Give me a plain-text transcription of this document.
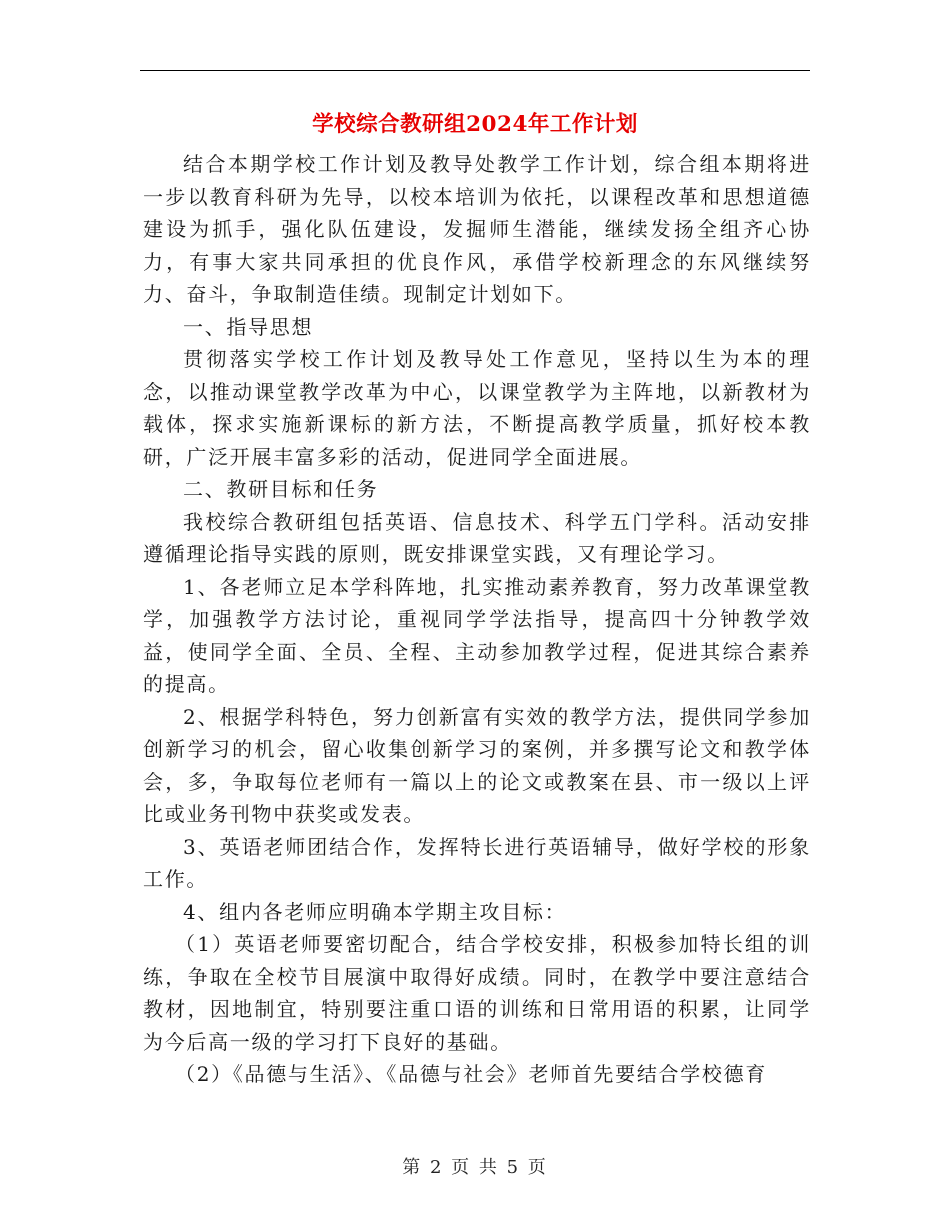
学校综合教研组2024年工作计划

结合本期学校工作计划及教导处教学工作计划，综合组本期将进一步以教育科研为先导，以校本培训为依托，以课程改革和思想道德建设为抓手，强化队伍建设，发掘师生潜能，继续发扬全组齐心协力，有事大家共同承担的优良作风，承借学校新理念的东风继续努力、奋斗，争取制造佳绩。现制定计划如下。

一、指导思想

贯彻落实学校工作计划及教导处工作意见，坚持以生为本的理念，以推动课堂教学改革为中心，以课堂教学为主阵地，以新教材为载体，探求实施新课标的新方法，不断提高教学质量，抓好校本教研，广泛开展丰富多彩的活动，促进同学全面进展。

二、教研目标和任务

我校综合教研组包括英语、信息技术、科学五门学科。活动安排遵循理论指导实践的原则，既安排课堂实践，又有理论学习。

1、各老师立足本学科阵地，扎实推动素养教育，努力改革课堂教学，加强教学方法讨论，重视同学学法指导，提高四十分钟教学效益，使同学全面、全员、全程、主动参加教学过程，促进其综合素养的提高。

2、根据学科特色，努力创新富有实效的教学方法，提供同学参加创新学习的机会，留心收集创新学习的案例，并多撰写论文和教学体会，多，争取每位老师有一篇以上的论文或教案在县、市一级以上评比或业务刊物中获奖或发表。

3、英语老师团结合作，发挥特长进行英语辅导，做好学校的形象工作。

4、组内各老师应明确本学期主攻目标：

（1）英语老师要密切配合，结合学校安排，积极参加特长组的训练，争取在全校节目展演中取得好成绩。同时，在教学中要注意结合教材，因地制宜，特别要注重口语的训练和日常用语的积累，让同学为今后高一级的学习打下良好的基础。

（2）《品德与生活》、《品德与社会》老师首先要结合学校德育

第 2 页 共 5 页
